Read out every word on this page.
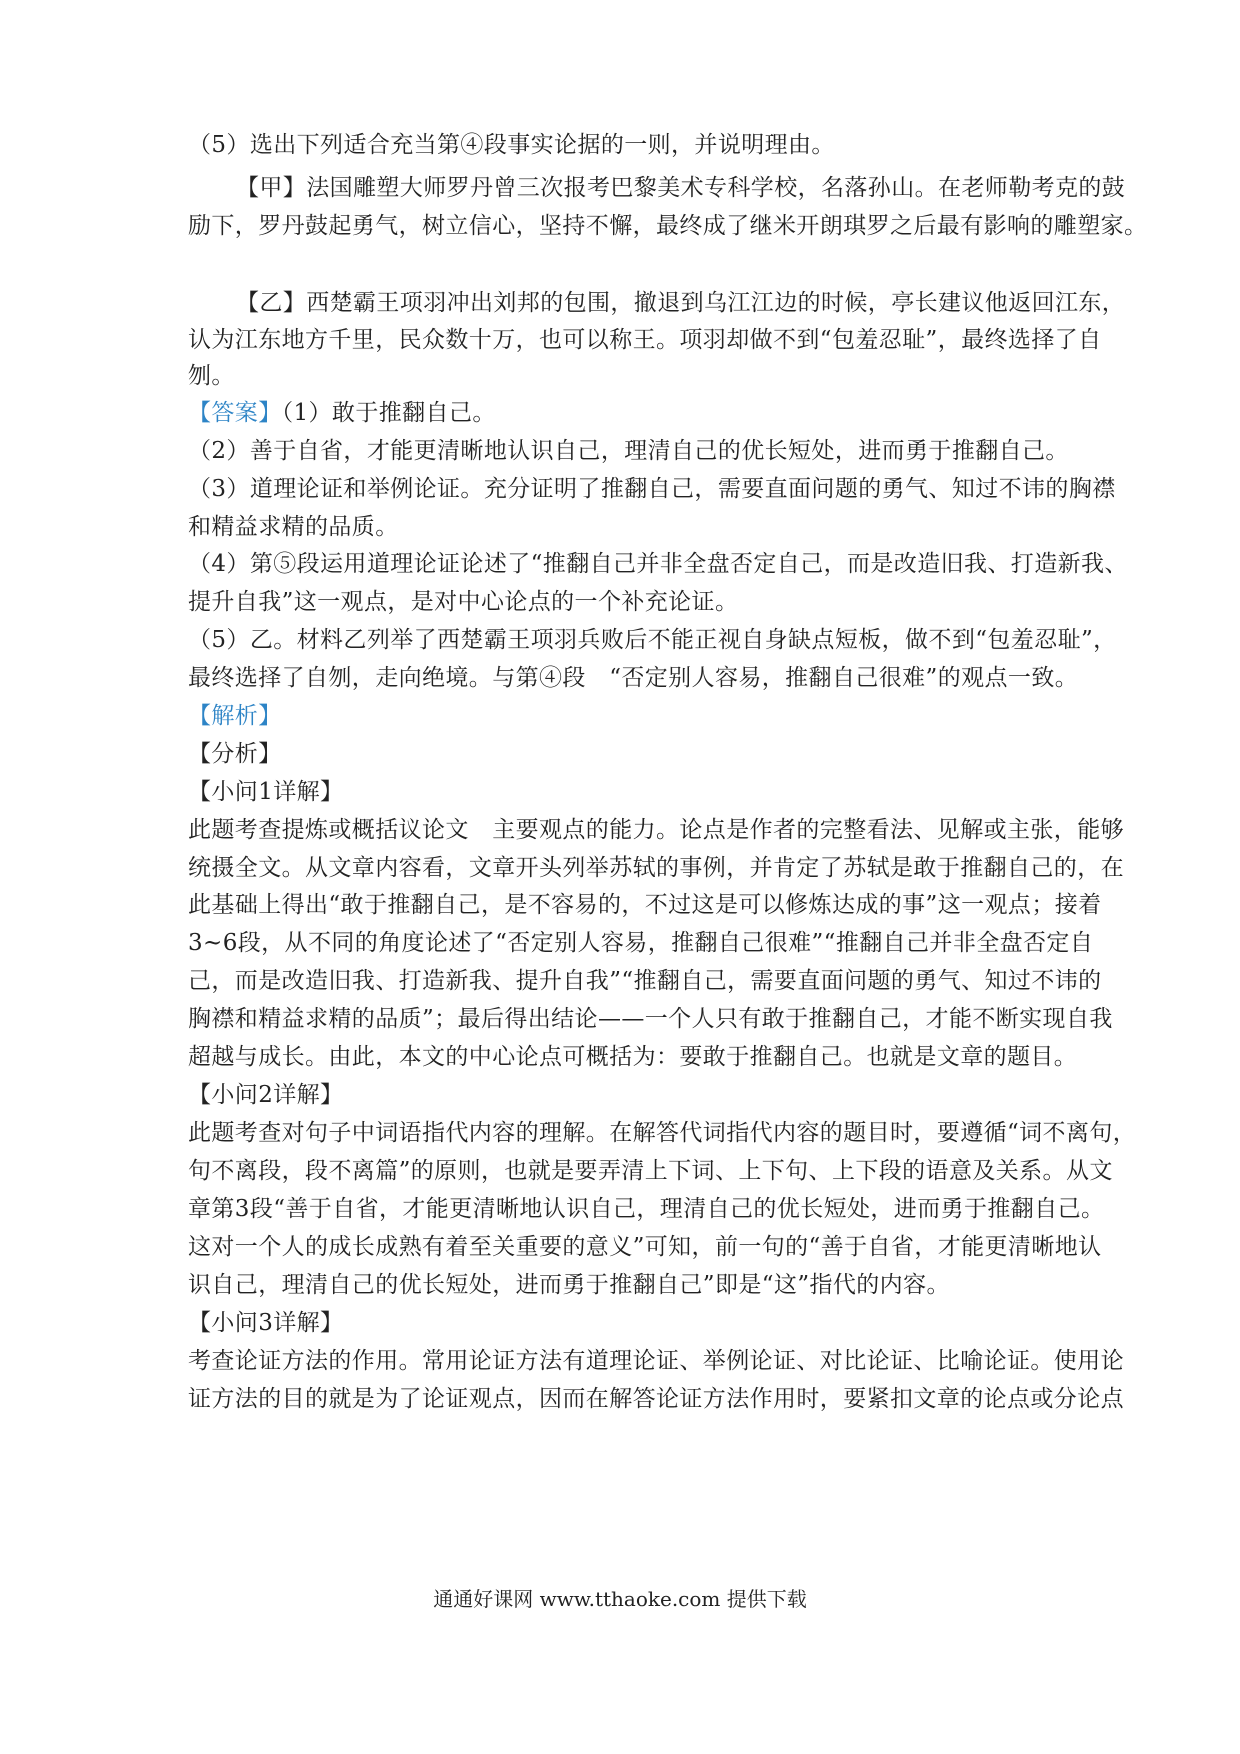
（5）选出下列适合充当第④段事实论据的一则，并说明理由。
【甲】法国雕塑大师罗丹曾三次报考巴黎美术专科学校，名落孙山。在老师勒考克的鼓
励下，罗丹鼓起勇气，树立信心，坚持不懈，最终成了继米开朗琪罗之后最有影响的雕塑家。
【乙】西楚霸王项羽冲出刘邦的包围，撤退到乌江江边的时候，亭长建议他返回江东，
认为江东地方千里，民众数十万，也可以称王。项羽却做不到“包羞忍耻”，最终选择了自
刎。
【答案】（1）敢于推翻自己。
（2）善于自省，才能更清晰地认识自己，理清自己的优长短处，进而勇于推翻自己。
（3）道理论证和举例论证。充分证明了推翻自己，需要直面问题的勇气、知过不讳的胸襟
和精益求精的品质。
（4）第⑤段运用道理论证论述了“推翻自己并非全盘否定自己，而是改造旧我、打造新我、
提升自我”这一观点，是对中心论点的一个补充论证。
（5）乙。材料乙列举了西楚霸王项羽兵败后不能正视自身缺点短板，做不到“包羞忍耻”，
最终选择了自刎，走向绝境。与第④段　“否定别人容易，推翻自己很难”的观点一致。
【解析】
【分析】
【小问1详解】
此题考查提炼或概括议论文　主要观点的能力。论点是作者的完整看法、见解或主张，能够
统摄全文。从文章内容看，文章开头列举苏轼的事例，并肯定了苏轼是敢于推翻自己的，在
此基础上得出“敢于推翻自己，是不容易的，不过这是可以修炼达成的事”这一观点；接着
3~6段，从不同的角度论述了“否定别人容易，推翻自己很难”“推翻自己并非全盘否定自
己，而是改造旧我、打造新我、提升自我”“推翻自己，需要直面问题的勇气、知过不讳的
胸襟和精益求精的品质”；最后得出结论——一个人只有敢于推翻自己，才能不断实现自我
超越与成长。由此，本文的中心论点可概括为：要敢于推翻自己。也就是文章的题目。
【小问2详解】
此题考查对句子中词语指代内容的理解。在解答代词指代内容的题目时，要遵循“词不离句，
句不离段，段不离篇”的原则，也就是要弄清上下词、上下句、上下段的语意及关系。从文
章第3段“善于自省，才能更清晰地认识自己，理清自己的优长短处，进而勇于推翻自己。
这对一个人的成长成熟有着至关重要的意义”可知，前一句的“善于自省，才能更清晰地认
识自己，理清自己的优长短处，进而勇于推翻自己”即是“这”指代的内容。
【小问3详解】
考查论证方法的作用。常用论证方法有道理论证、举例论证、对比论证、比喻论证。使用论
证方法的目的就是为了论证观点，因而在解答论证方法作用时，要紧扣文章的论点或分论点
通通好课网 www.tthaoke.com 提供下载
